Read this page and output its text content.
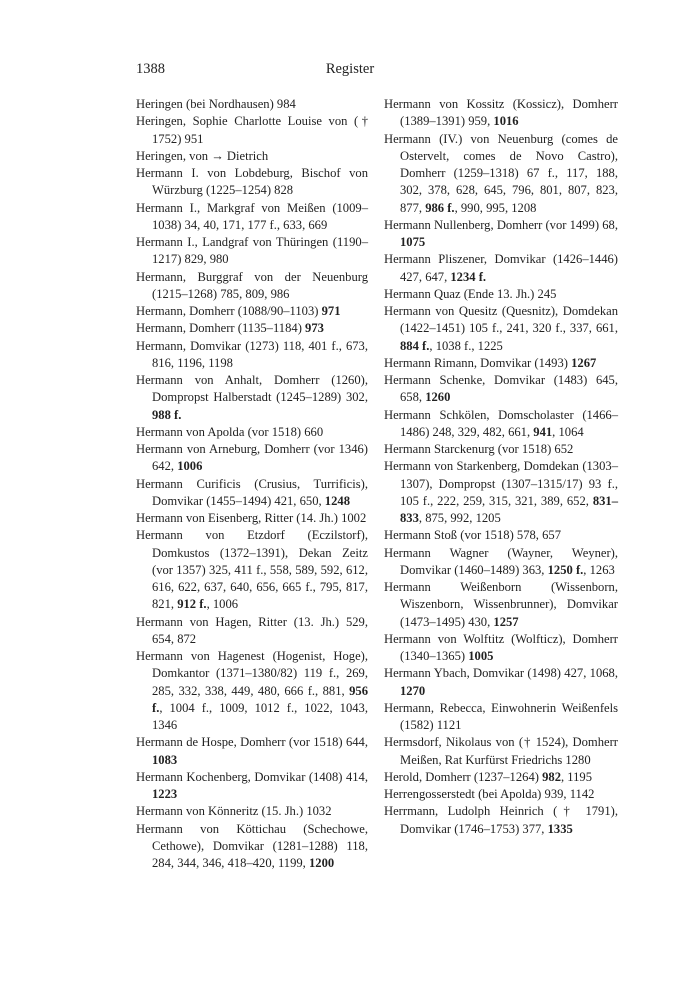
1388	Register

Heringen (bei Nordhausen) 984

Heringen, Sophie Charlotte Louise von († 1752) 951

Heringen, von → Dietrich

Hermann I. von Lobdeburg, Bischof von Würzburg (1225–1254) 828

Hermann I., Markgraf von Meißen (1009–1038) 34, 40, 171, 177 f., 633, 669

Hermann I., Landgraf von Thüringen (1190–1217) 829, 980

Hermann, Burggraf von der Neuenburg (1215–1268) 785, 809, 986

Hermann, Domherr (1088/90–1103) 971

Hermann, Domherr (1135–1184) 973

Hermann, Domvikar (1273) 118, 401 f., 673, 816, 1196, 1198

Hermann von Anhalt, Domherr (1260), Dompropst Halberstadt (1245–1289) 302, 988 f.

Hermann von Apolda (vor 1518) 660

Hermann von Arneburg, Domherr (vor 1346) 642, 1006

Hermann Curificis (Crusius, Turrificis), Domvikar (1455–1494) 421, 650, 1248

Hermann von Eisenberg, Ritter (14. Jh.) 1002

Hermann von Etzdorf (Eczilstorf), Domkustos (1372–1391), Dekan Zeitz (vor 1357) 325, 411 f., 558, 589, 592, 612, 616, 622, 637, 640, 656, 665 f., 795, 817, 821, 912 f., 1006

Hermann von Hagen, Ritter (13. Jh.) 529, 654, 872

Hermann von Hagenest (Hogenist, Hoge), Domkantor (1371–1380/82) 119 f., 269, 285, 332, 338, 449, 480, 666 f., 881, 956 f., 1004 f., 1009, 1012 f., 1022, 1043, 1346

Hermann de Hospe, Domherr (vor 1518) 644, 1083

Hermann Kochenberg, Domvikar (1408) 414, 1223

Hermann von Könneritz (15. Jh.) 1032

Hermann von Köttichau (Schechowe, Cethowe), Domvikar (1281–1288) 118, 284, 344, 346, 418–420, 1199, 1200

Hermann von Kossitz (Kossicz), Domherr (1389–1391) 959, 1016

Hermann (IV.) von Neuenburg (comes de Ostervelt, comes de Novo Castro), Domherr (1259–1318) 67 f., 117, 188, 302, 378, 628, 645, 796, 801, 807, 823, 877, 986 f., 990, 995, 1208

Hermann Nullenberg, Domherr (vor 1499) 68, 1075

Hermann Pliszener, Domvikar (1426–1446) 427, 647, 1234 f.

Hermann Quaz (Ende 13. Jh.) 245

Hermann von Quesitz (Quesnitz), Domdekan (1422–1451) 105 f., 241, 320 f., 337, 661, 884 f., 1038 f., 1225

Hermann Rimann, Domvikar (1493) 1267

Hermann Schenke, Domvikar (1483) 645, 658, 1260

Hermann Schkölen, Domscholaster (1466–1486) 248, 329, 482, 661, 941, 1064

Hermann Starckenurg (vor 1518) 652

Hermann von Starkenberg, Domdekan (1303–1307), Dompropst (1307–1315/17) 93 f., 105 f., 222, 259, 315, 321, 389, 652, 831–833, 875, 992, 1205

Hermann Stoß (vor 1518) 578, 657

Hermann Wagner (Wayner, Weyner), Domvikar (1460–1489) 363, 1250 f., 1263

Hermann Weißenborn (Wissenborn, Wiszenborn, Wissenbrunner), Domvikar (1473–1495) 430, 1257

Hermann von Wolftitz (Wolfticz), Domherr (1340–1365) 1005

Hermann Ybach, Domvikar (1498) 427, 1068, 1270

Hermann, Rebecca, Einwohnerin Weißenfels (1582) 1121

Hermsdorf, Nikolaus von († 1524), Domherr Meißen, Rat Kurfürst Friedrichs 1280

Herold, Domherr (1237–1264) 982, 1195

Herrengosserstedt (bei Apolda) 939, 1142

Herrmann, Ludolph Heinrich († 1791), Domvikar (1746–1753) 377, 1335
